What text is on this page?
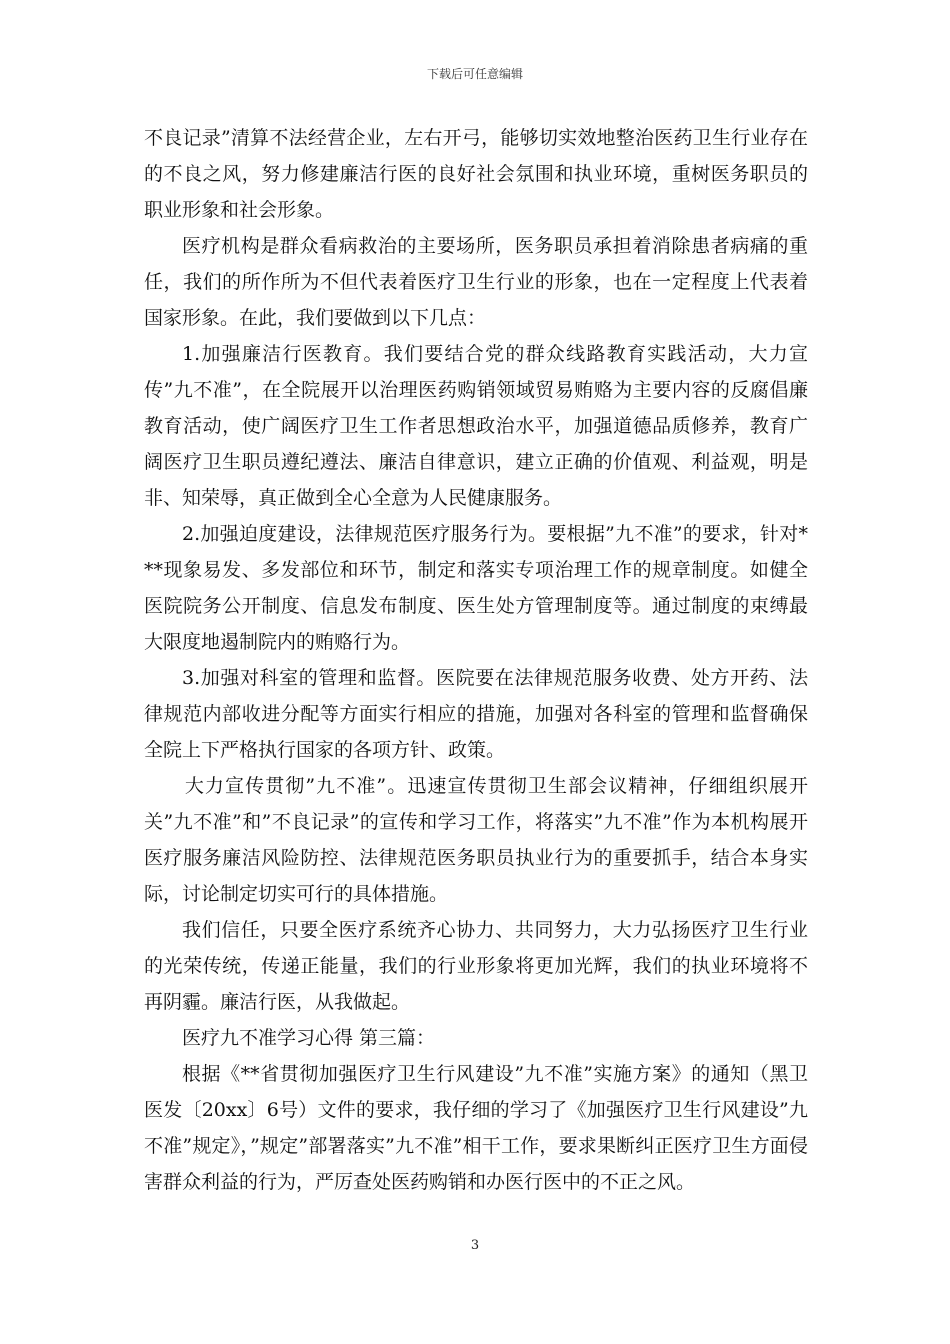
下载后可任意编辑

不良记录”清算不法经营企业，左右开弓，能够切实效地整治医药卫生行业存在的不良之风，努力修建廉洁行医的良好社会氛围和执业环境，重树医务职员的职业形象和社会形象。

医疗机构是群众看病救治的主要场所，医务职员承担着消除患者病痛的重任，我们的所作所为不但代表着医疗卫生行业的形象，也在一定程度上代表着国家形象。在此，我们要做到以下几点：

1.加强廉洁行医教育。我们要结合党的群众线路教育实践活动，大力宣传”九不准”，在全院展开以治理医药购销领域贸易贿赂为主要内容的反腐倡廉教育活动，使广阔医疗卫生工作者思想政治水平，加强道德品质修养，教育广阔医疗卫生职员遵纪遵法、廉洁自律意识，建立正确的价值观、利益观，明是非、知荣辱，真正做到全心全意为人民健康服务。

2.加强迫度建设，法律规范医疗服务行为。要根据”九不准”的要求，针对***现象易发、多发部位和环节，制定和落实专项治理工作的规章制度。如健全医院院务公开制度、信息发布制度、医生处方管理制度等。通过制度的束缚最大限度地遏制院内的贿赂行为。

3.加强对科室的管理和监督。医院要在法律规范服务收费、处方开药、法律规范内部收进分配等方面实行相应的措施，加强对各科室的管理和监督确保全院上下严格执行国家的各项方针、政策。

大力宣传贯彻”九不准”。迅速宣传贯彻卫生部会议精神，仔细组织展开关”九不准”和”不良记录”的宣传和学习工作，将落实”九不准”作为本机构展开医疗服务廉洁风险防控、法律规范医务职员执业行为的重要抓手，结合本身实际，讨论制定切实可行的具体措施。

我们信任，只要全医疗系统齐心协力、共同努力，大力弘扬医疗卫生行业的光荣传统，传递正能量，我们的行业形象将更加光辉，我们的执业环境将不再阴霾。廉洁行医，从我做起。

医疗九不准学习心得 第三篇：

根据《**省贯彻加强医疗卫生行风建设”九不准”实施方案》的通知（黑卫医发〔20xx〕6号）文件的要求，我仔细的学习了《加强医疗卫生行风建设”九不准”规定》，”规定”部署落实”九不准”相干工作，要求果断纠正医疗卫生方面侵害群众利益的行为，严厉查处医药购销和办医行医中的不正之风。

3
